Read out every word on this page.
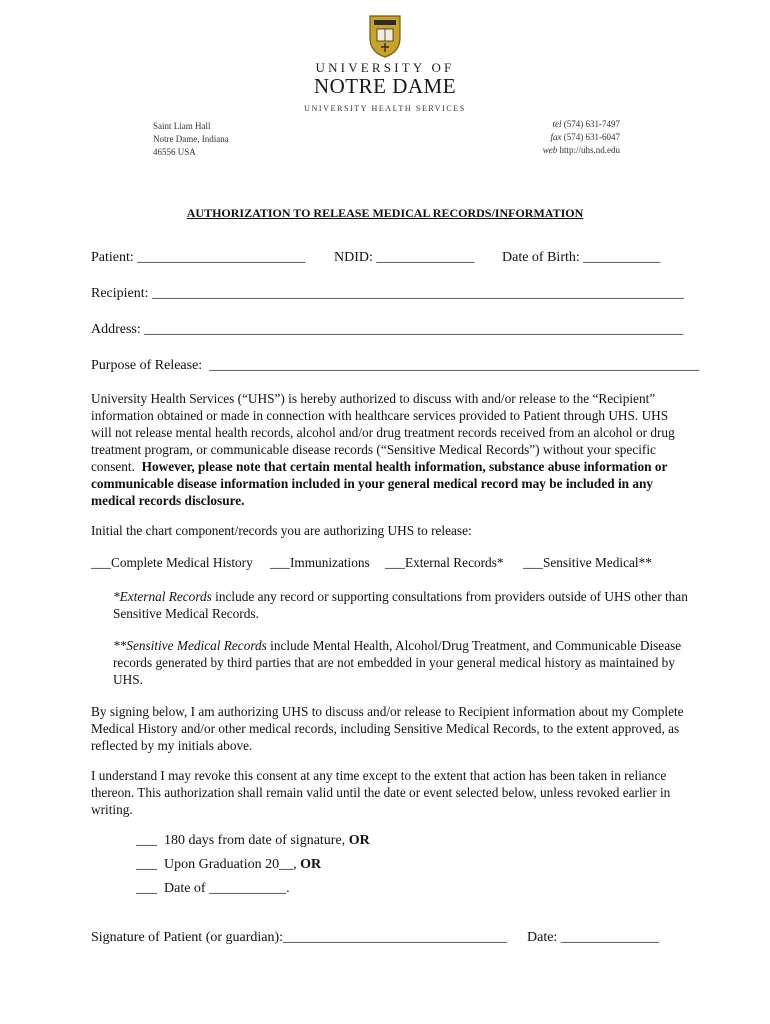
UNIVERSITY OF
NOTRE DAME
UNIVERSITY HEALTH SERVICES
Saint Liam Hall
Notre Dame, Indiana
46556 USA
tel (574) 631-7497
fax (574) 631-6047
web http://uhs.nd.edu
AUTHORIZATION TO RELEASE MEDICAL RECORDS/INFORMATION
Patient: ________________________ NDID: ______________ Date of Birth: ___________
Recipient: ____________________________________________________________________________
Address: _____________________________________________________________________________
Purpose of Release:  ______________________________________________________________________
University Health Services (“UHS”) is hereby authorized to discuss with and/or release to the “Recipient” information obtained or made in connection with healthcare services provided to Patient through UHS. UHS will not release mental health records, alcohol and/or drug treatment records received from an alcohol or drug treatment program, or communicable disease records (“Sensitive Medical Records”) without your specific consent. However, please note that certain mental health information, substance abuse information or communicable disease information included in your general medical record may be included in any medical records disclosure.
Initial the chart component/records you are authorizing UHS to release:
___Complete Medical History ___Immunizations ___External Records* ___Sensitive Medical**
*External Records include any record or supporting consultations from providers outside of UHS other than Sensitive Medical Records.
**Sensitive Medical Records include Mental Health, Alcohol/Drug Treatment, and Communicable Disease records generated by third parties that are not embedded in your general medical history as maintained by UHS.
By signing below, I am authorizing UHS to discuss and/or release to Recipient information about my Complete Medical History and/or other medical records, including Sensitive Medical Records, to the extent approved, as reflected by my initials above.
I understand I may revoke this consent at any time except to the extent that action has been taken in reliance thereon. This authorization shall remain valid until the date or event selected below, unless revoked earlier in writing.
___  180 days from date of signature, OR
___  Upon Graduation 20__, OR
___  Date of ___________.
Signature of Patient (or guardian):________________________________ Date: ______________
